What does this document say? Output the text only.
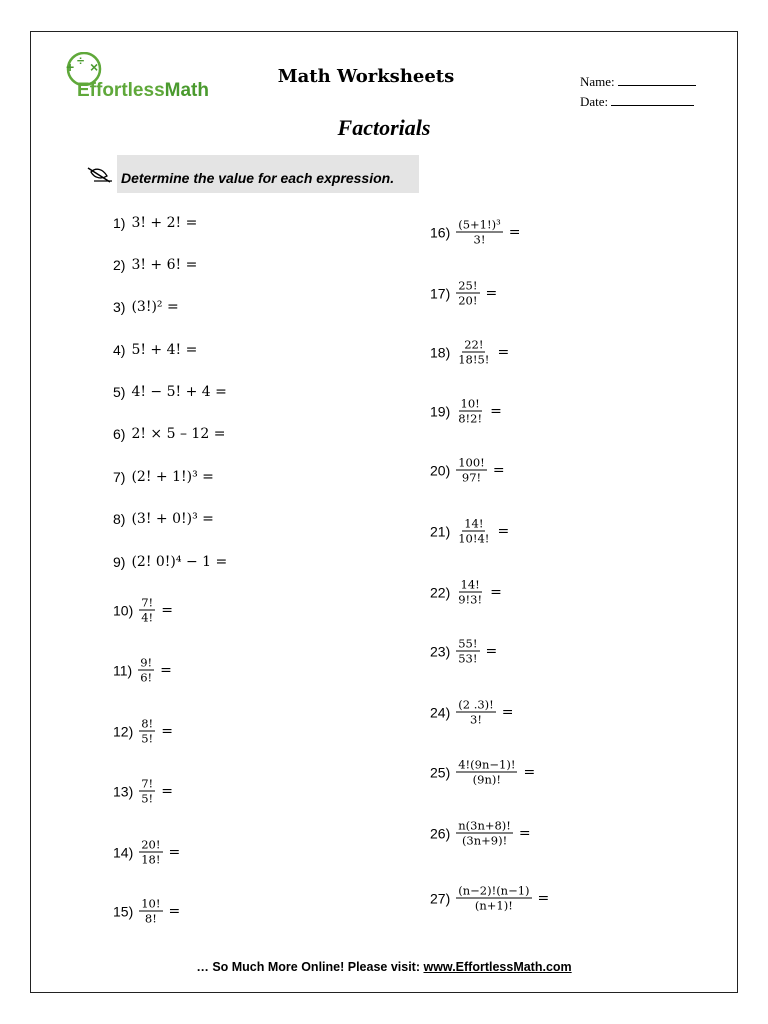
+ ÷ ×
EffortlessMath
Math Worksheets	Name:
Date:
Factorials
Determine the value for each expression.
1) 3! + 2! =
2) 3! + 6! =
3) (3!)² =
4) 5! + 4! =
5) 4! − 5! + 4 =
6) 2! × 5 – 12 =
7) (2! + 1!)³ =
8) (3! + 0!)³ =
9) (2! 0!)⁴ − 1 =
$10) \frac{7!}{4!}$ =
$11) \frac{9!}{6!}$ =
$12) \frac{8!}{5!}$ =
$13) \frac{7!}{5!}$ =
$14) \frac{20!}{18!}$ =
$15) \frac{10!}{8!}$ =
$16) \frac{\text{(5+1!)³}}{3!}$ =
$17) \frac{25!}{20!}$ =
$18) \frac{22!}{18!5!}$ =
$19) \frac{10!}{8!2!}$ =
$20) \frac{100!}{97!}$ =
$21) \frac{14!}{10!4!}$ =
$22) \frac{14!}{9!3!}$ =
$23) \frac{55!}{53!}$ =
$24) \frac{(2 .3)!}{3!}$ =
$25) \frac{4!(9n-1)!}{(9n)!}$ =
$26) \frac{n(3n+8)!}{(3n+9)!}$ =
$27) \frac{(n-2)!(n-1)}{(n+1)!}$ =
… So Much More Online! Please visit: www.EffortlessMath.com
